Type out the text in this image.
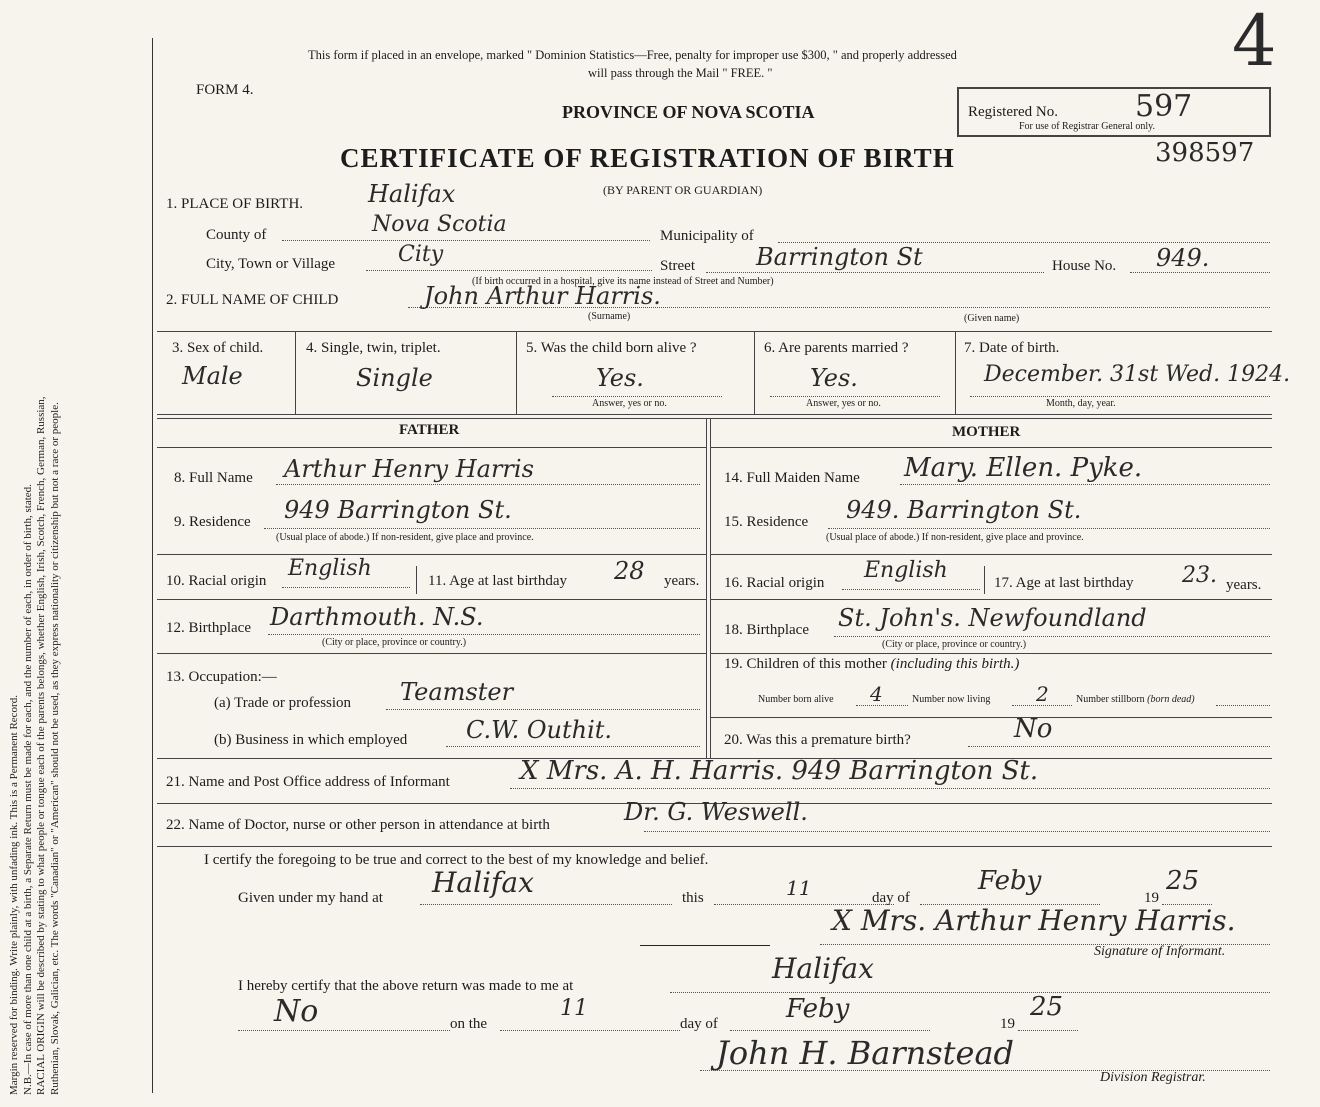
Margin reserved for binding. Write plainly, with unfading ink. This is a Permanent Record. N.B.—In case of more than one child at a birth, a Separate Return must be made for each, and the number of each, in order of birth, stated. RACIAL ORIGIN will be described by stating to what people or tongue each of the parents belongs, whether English, Irish, Scotch, French, German, Russian, Ruthenian, Slovak, Galician, etc. The words "Canadian" or "American" should not be used, as they express nationality or citizenship but not a race or people.
This form if placed in an envelope, marked " Dominion Statistics—Free, penalty for improper use $300, " and properly addressed
will pass through the Mail " FREE. "
FORM 4.
PROVINCE OF NOVA SCOTIA
CERTIFICATE OF REGISTRATION OF BIRTH
(BY PARENT OR GUARDIAN)
Registered No.	597
For use of Registrar General only.
398597
4
1. PLACE OF BIRTH.	Halifax
County of	Nova Scotia	Municipality of
City, Town or Village	City	Street	Barrington St	House No. 949.
(If birth occurred in a hospital, give its name instead of Street and Number)
2. FULL NAME OF CHILD	John Arthur Harris.
(Surname)	(Given name)
3. Sex of child.
Male
4. Single, twin, triplet.
Single
5. Was the child born alive ?
Yes.
Answer, yes or no.
6. Are parents married ?
Yes.
Answer, yes or no.
7. Date of birth.
December. 31st Wed. 1924.
Month, day, year.
FATHER	MOTHER
8. Full Name Arthur Henry Harris
9. Residence 949 Barrington St.
(Usual place of abode.) If non-resident, give place and province.
10. Racial origin English	11. Age at last birthday 28 years.
12. Birthplace Darthmouth. N.S.
(City or place, province or country.)
13. Occupation:—
(a) Trade or profession Teamster
(b) Business in which employed C.W. Outhit.
14. Full Maiden Name Mary. Ellen. Pyke.
15. Residence 949. Barrington St.
(Usual place of abode.) If non-resident, give place and province.
16. Racial origin English	17. Age at last birthday 23. years.
18. Birthplace St. John's. Newfoundland
(City or place, province or country.)
19. Children of this mother (including this birth.)
Number born alive 4	Number now living 2	Number stillborn (born dead)
20. Was this a premature birth?	No
21. Name and Post Office address of Informant	X Mrs. A. H. Harris. 949 Barrington St.
22. Name of Doctor, nurse or other person in attendance at birth	Dr. G. Weswell.
I certify the foregoing to be true and correct to the best of my knowledge and belief.
Given under my hand at Halifax	this	11	day of
Feby
19
25
X Mrs. Arthur Henry Harris.
Signature of Informant.
I hereby certify that the above return was made to me at
Halifax
No	on the
11
day of	Feby	19
25
John H. Barnstead
Division Registrar.
